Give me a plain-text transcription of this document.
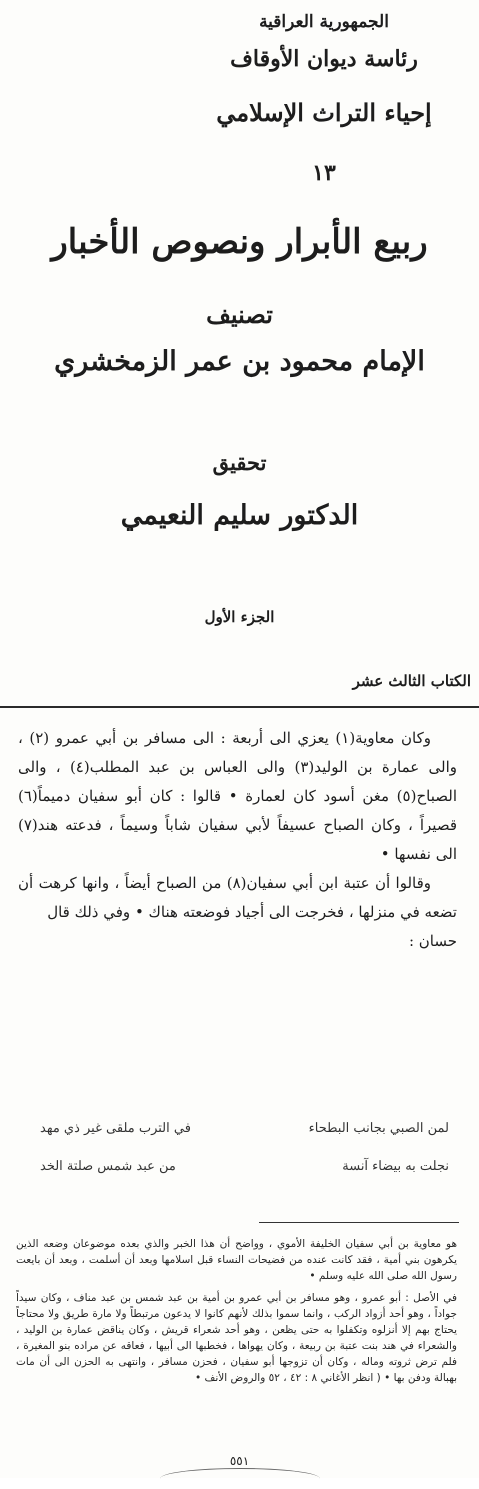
الجمهورية العراقية
رئاسة ديوان الأوقاف
إحياء التراث الإسلامي
١٣
ربيع الأبرار ونصوص الأخبار
تصنيف
الإمام محمود بن عمر الزمخشري
تحقيق
الدكتور سليم النعيمي
الجزء الأول
الكتاب الثالث عشر

وكان معاوية(١) يعزي الى أربعة : الى مسافر بن أبي عمرو (٢) ، والى عمارة بن الوليد(٣) والى العباس بن عبد المطلب(٤) ، والى الصباح(٥) مغن أسود كان لعمارة • قالوا : كان أبو سفيان دميماً(٦) قصيراً ، وكان الصباح عسيفاً لأبي سفيان شاباً وسيماً ، فدعته هند(٧) الى نفسها •

وقالوا أن عتبة ابن أبي سفيان(٨) من الصباح أيضاً ، وانها كرهت أن تضعه في منزلها ، فخرجت الى أجياد فوضعته هناك • وفي ذلك قال

حسان :

لمن الصبي بجانب البطحاء
في الترب ملقى غير ذي مهد
نجلت به بيضاء آنسة
من عبد شمس صلتة الخد

هو معاوية بن أبي سفيان الخليفة الأموي ، وواضح أن هذا الخبر والذي بعده موضوعان وضعه الذين يكرهون بني أمية ، فقد كانت عنده من فضيحات النساء قبل اسلامها وبعد أن أسلمت ، وبعد أن بايعت رسول الله صلى الله عليه وسلم •

في الأصل : أبو عمرو ، وهو مسافر بن أبي عمرو بن أمية بن عبد شمس بن عبد مناف ، وكان سيداً جواداً ، وهو أحد أزواد الركب ، وانما سموا بذلك لأنهم كانوا لا يدعون مرتبطاً ولا مارة طريق ولا محتاجاً يحتاج بهم إلا أنزلوه وتكفلوا به حتى يظعن ، وهو أحد شعراء قريش ، وكان يناقض عمارة بن الوليد ، والشعراء في هند بنت عتبة بن ربيعة ، وكان يهواها ، فخطبها الى أبيها ، فعاقه عن مراده بنو المغيرة ، فلم ترض ثروته وماله ، وكان أن تزوجها أبو سفيان ، فحزن مسافر ، وانتهى به الحزن الى أن مات بهبالة ودفن بها • ( انظر الأغاني ٨ : ٤٢ ، ٥٢ والروض الأنف •

٥٥١
